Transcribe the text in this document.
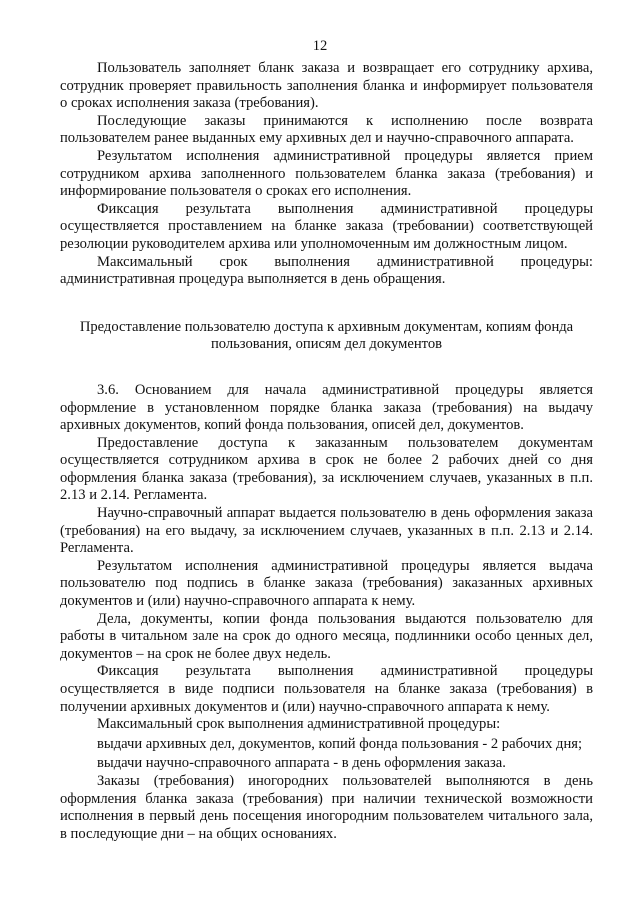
12

Пользователь заполняет бланк заказа и возвращает его сотруднику архива, сотрудник проверяет правильность заполнения бланка и информирует пользователя о сроках исполнения заказа (требования).

Последующие заказы принимаются к исполнению после возврата пользователем ранее выданных ему архивных дел и научно-справочного аппарата.

Результатом исполнения административной процедуры является прием сотрудником архива заполненного пользователем бланка заказа (требования) и информирование пользователя о сроках его исполнения.

Фиксация результата выполнения административной процедуры осуществляется проставлением на бланке заказа (требовании) соответствующей резолюции руководителем архива или уполномоченным им должностным лицом.

Максимальный срок выполнения административной процедуры: административная процедура выполняется в день обращения.

Предоставление пользователю доступа к архивным документам, копиям фонда пользования, описям дел документов

3.6. Основанием для начала административной процедуры является оформление в установленном порядке бланка заказа (требования) на выдачу архивных документов, копий фонда пользования, описей дел, документов.

Предоставление доступа к заказанным пользователем документам осуществляется сотрудником архива в срок не более 2 рабочих дней со дня оформления бланка заказа (требования), за исключением случаев, указанных в п.п. 2.13 и 2.14. Регламента.

Научно-справочный аппарат выдается пользователю в день оформления заказа (требования) на его выдачу, за исключением случаев, указанных в п.п. 2.13 и 2.14. Регламента.

Результатом исполнения административной процедуры является выдача пользователю под подпись в бланке заказа (требования) заказанных архивных документов и (или) научно-справочного аппарата к нему.

Дела, документы, копии фонда пользования выдаются пользователю для работы в читальном зале на срок до одного месяца, подлинники особо ценных дел, документов – на срок не более двух недель.

Фиксация результата выполнения административной процедуры осуществляется в виде подписи пользователя на бланке заказа (требования) в получении архивных документов и (или) научно-справочного аппарата к нему.

Максимальный срок выполнения административной процедуры:

выдачи архивных дел, документов, копий фонда пользования - 2 рабочих дня;

выдачи научно-справочного аппарата - в день оформления заказа.

Заказы (требования) иногородних пользователей выполняются в день оформления бланка заказа (требования) при наличии технической возможности исполнения в первый день посещения иногородним пользователем читального зала, в последующие дни – на общих основаниях.
